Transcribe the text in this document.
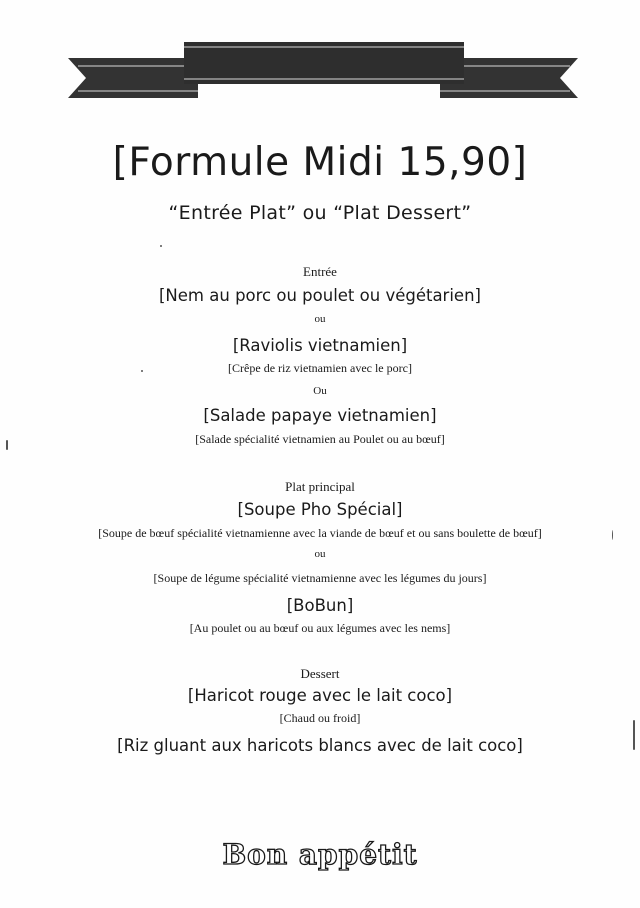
[Formule Midi 15,90]
“Entrée Plat” ou “Plat Dessert”
Entrée
[Nem au porc ou poulet ou végétarien]
ou
[Raviolis vietnamien]
[Crêpe de riz vietnamien avec le porc]
Ou
[Salade papaye vietnamien]
[Salade spécialité vietnamien au Poulet ou au bœuf]
Plat principal
[Soupe Pho Spécial]
[Soupe de bœuf spécialité vietnamienne avec la viande de bœuf et ou sans boulette de bœuf]
ou
[Soupe de légume spécialité vietnamienne avec les légumes du jours]
[BoBun]
[Au poulet ou au bœuf ou aux légumes avec les nems]
Dessert
[Haricot rouge avec le lait coco]
[Chaud ou froid]
[Riz gluant aux haricots blancs avec de lait coco]
Bon appétit
